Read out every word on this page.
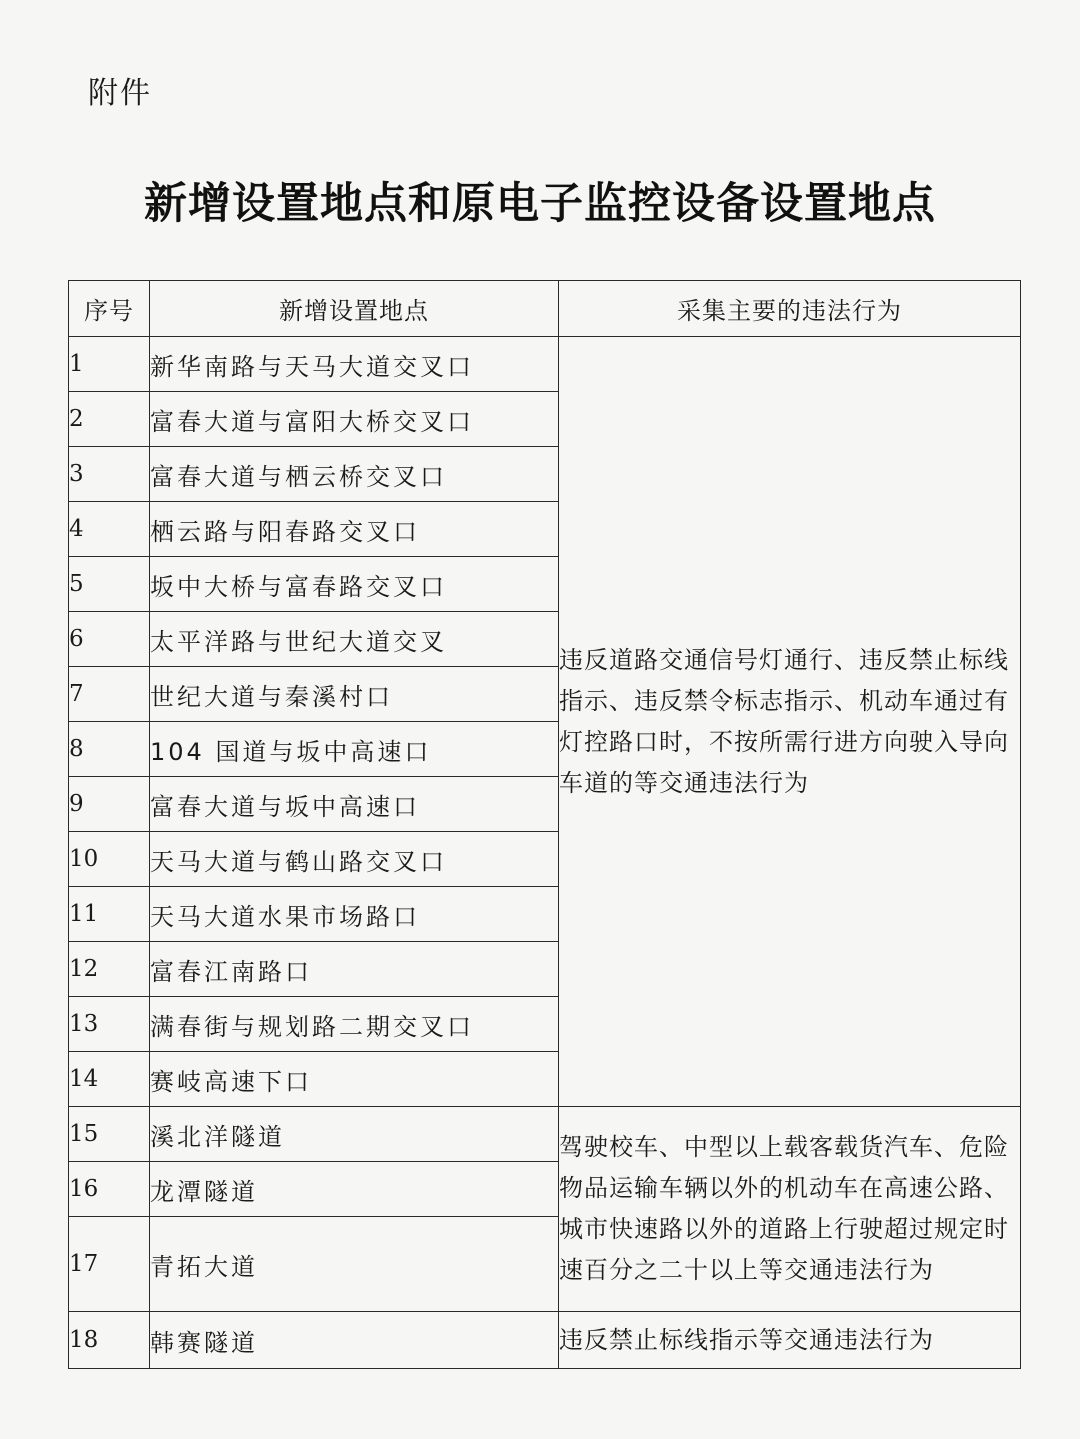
附件
新增设置地点和原电子监控设备设置地点
序号	新增设置地点	采集主要的违法行为
1	新华南路与天马大道交叉口	违反道路交通信号灯通行、违反禁止标线指示、违反禁令标志指示、机动车通过有灯控路口时，不按所需行进方向驶入导向车道的等交通违法行为
2	富春大道与富阳大桥交叉口	
3	富春大道与栖云桥交叉口	
4	栖云路与阳春路交叉口	
5	坂中大桥与富春路交叉口	
6	太平洋路与世纪大道交叉	
7	世纪大道与秦溪村口	
8	104 国道与坂中高速口	
9	富春大道与坂中高速口	
10	天马大道与鹤山路交叉口	
11	天马大道水果市场路口	
12	富春江南路口	
13	满春街与规划路二期交叉口	
14	赛岐高速下口	
15	溪北洋隧道	驾驶校车、中型以上载客载货汽车、危险物品运输车辆以外的机动车在高速公路、城市快速路以外的道路上行驶超过规定时速百分之二十以上等交通违法行为
16	龙潭隧道	
17	青拓大道	
18	韩赛隧道	违反禁止标线指示等交通违法行为
